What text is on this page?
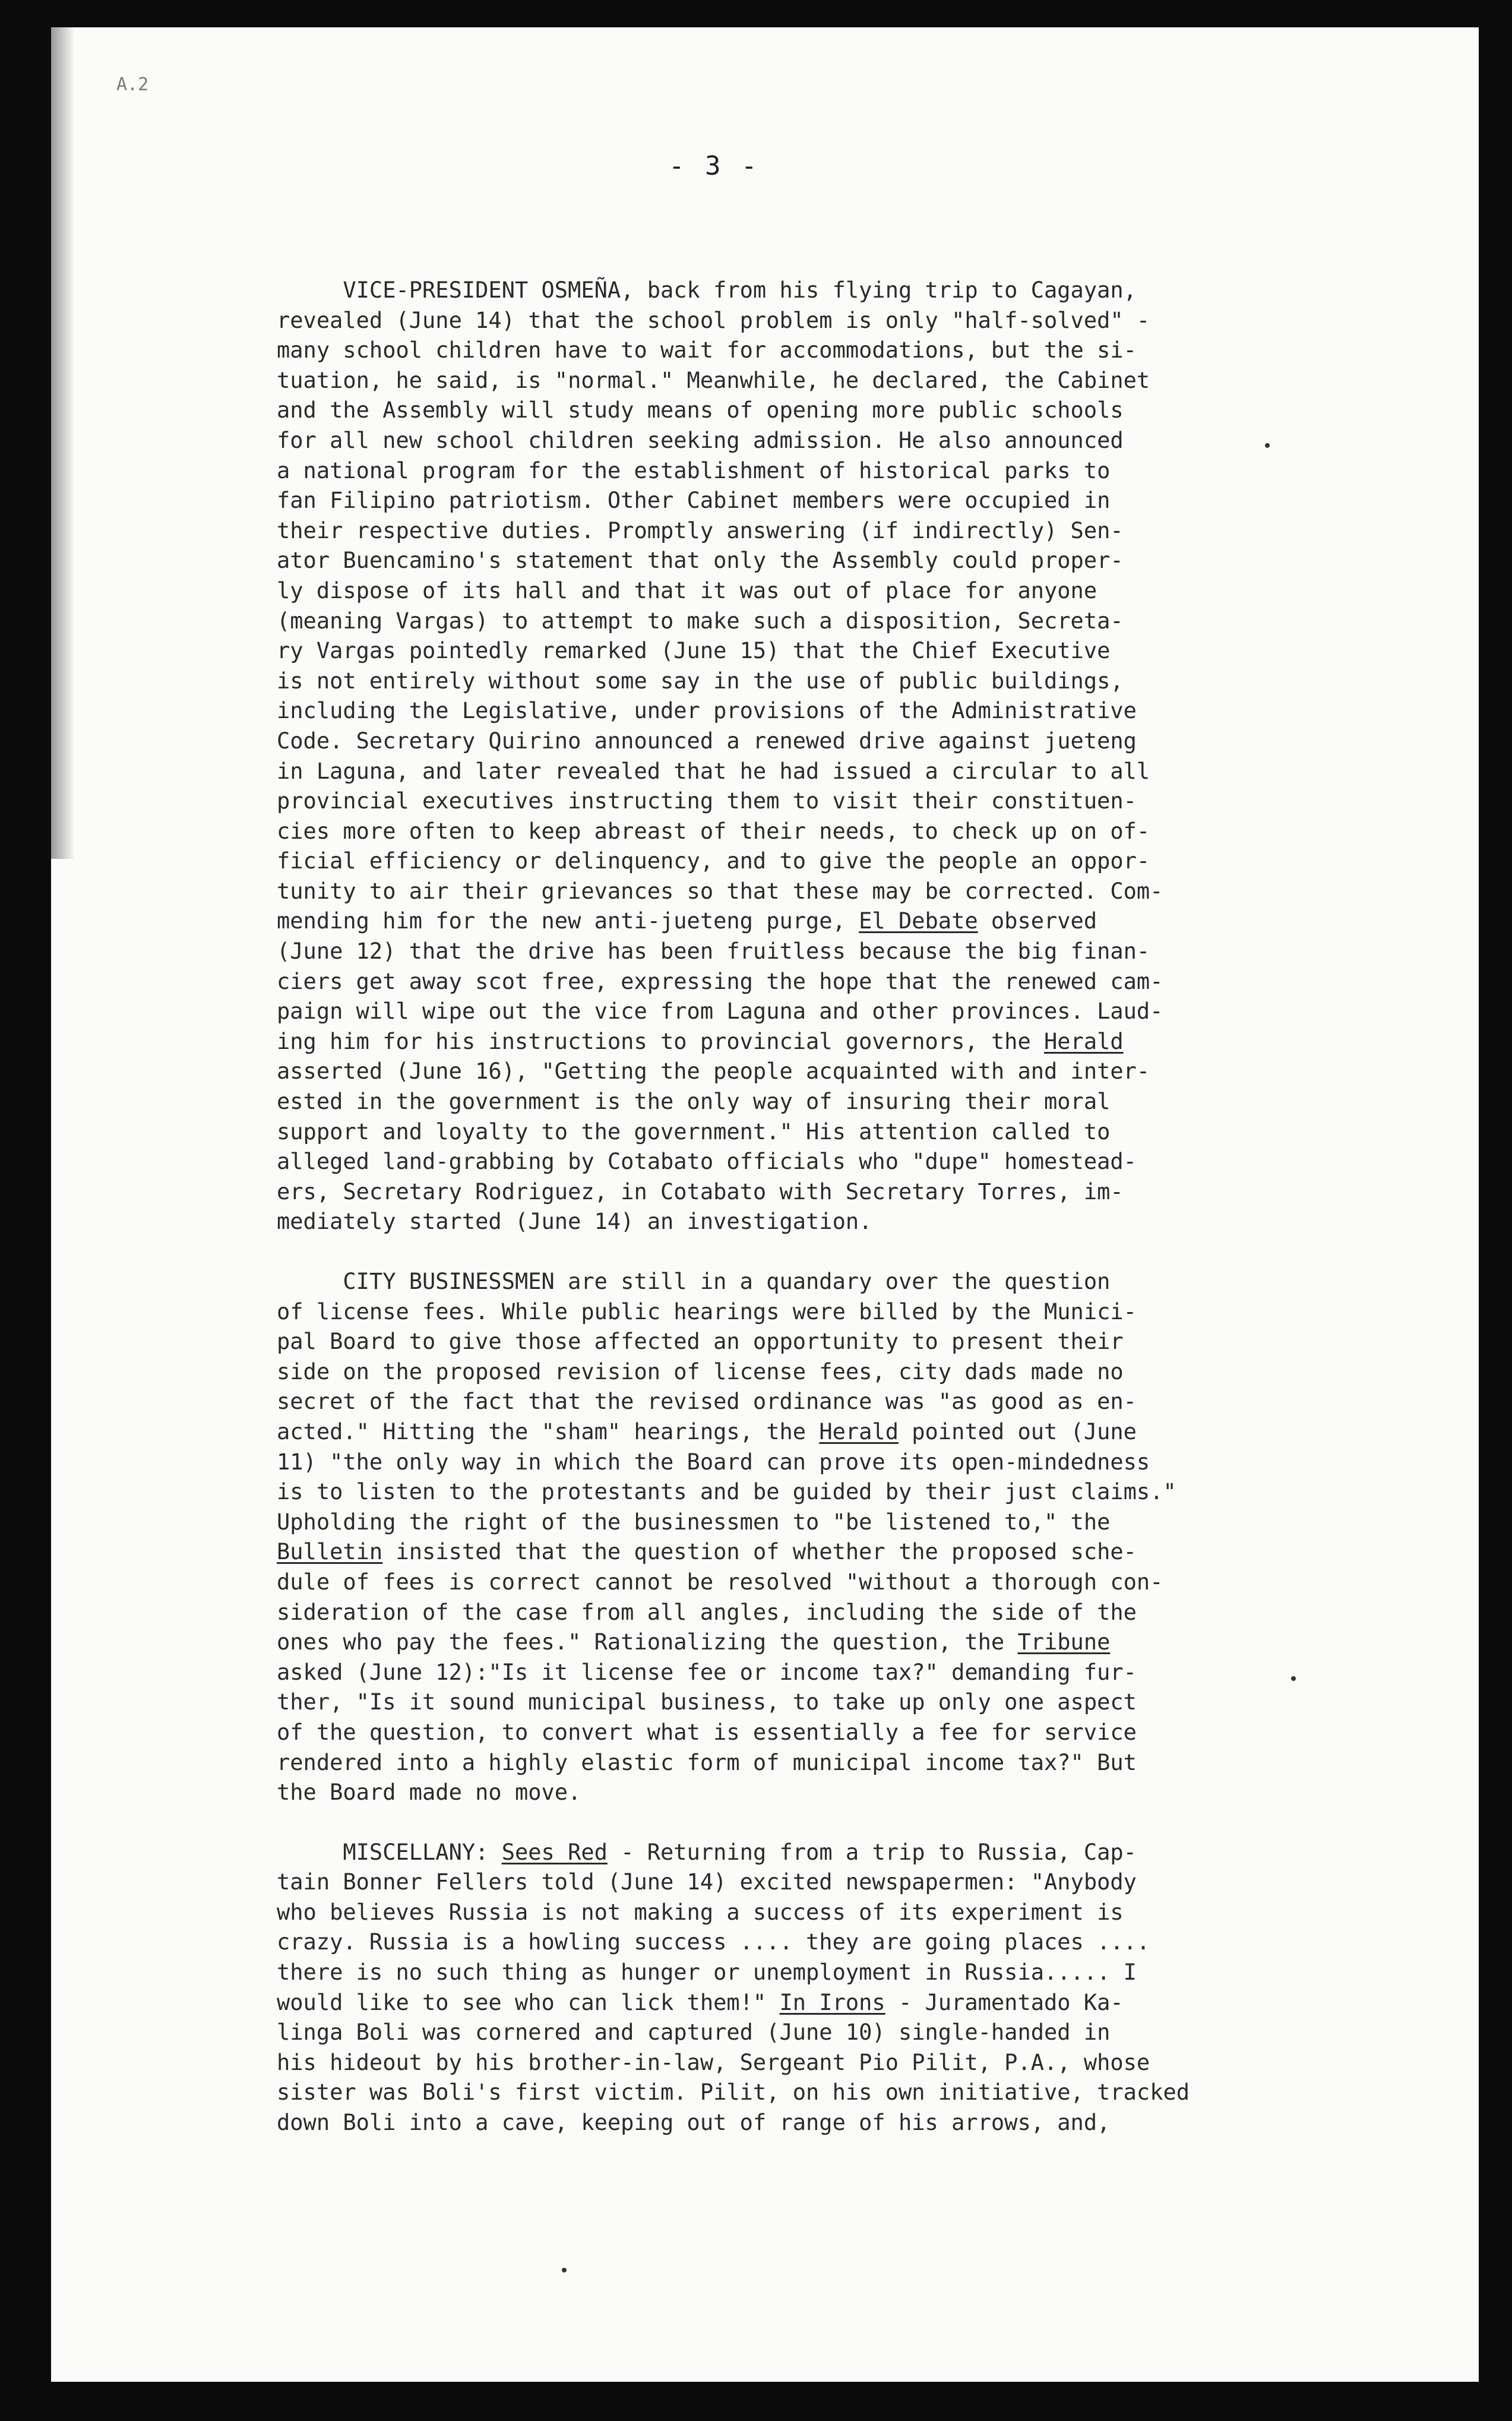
A.2
- 3 -
VICE-PRESIDENT OSMEÑA, back from his flying trip to Cagayan,
revealed (June 14) that the school problem is only "half-solved" -
many school children have to wait for accommodations, but the si-
tuation, he said, is "normal." Meanwhile, he declared, the Cabinet
and the Assembly will study means of opening more public schools
for all new school children seeking admission. He also announced
a national program for the establishment of historical parks to
fan Filipino patriotism. Other Cabinet members were occupied in
their respective duties. Promptly answering (if indirectly) Sen-
ator Buencamino's statement that only the Assembly could proper-
ly dispose of its hall and that it was out of place for anyone
(meaning Vargas) to attempt to make such a disposition, Secreta-
ry Vargas pointedly remarked (June 15) that the Chief Executive
is not entirely without some say in the use of public buildings,
including the Legislative, under provisions of the Administrative
Code. Secretary Quirino announced a renewed drive against jueteng
in Laguna, and later revealed that he had issued a circular to all
provincial executives instructing them to visit their constituen-
cies more often to keep abreast of their needs, to check up on of-
ficial efficiency or delinquency, and to give the people an oppor-
tunity to air their grievances so that these may be corrected. Com-
mending him for the new anti-jueteng purge, El Debate observed
(June 12) that the drive has been fruitless because the big finan-
ciers get away scot free, expressing the hope that the renewed cam-
paign will wipe out the vice from Laguna and other provinces. Laud-
ing him for his instructions to provincial governors, the Herald
asserted (June 16), "Getting the people acquainted with and inter-
ested in the government is the only way of insuring their moral
support and loyalty to the government." His attention called to
alleged land-grabbing by Cotabato officials who "dupe" homestead-
ers, Secretary Rodriguez, in Cotabato with Secretary Torres, im-
mediately started (June 14) an investigation.
CITY BUSINESSMEN are still in a quandary over the question
of license fees. While public hearings were billed by the Munici-
pal Board to give those affected an opportunity to present their
side on the proposed revision of license fees, city dads made no
secret of the fact that the revised ordinance was "as good as en-
acted." Hitting the "sham" hearings, the Herald pointed out (June
11) "the only way in which the Board can prove its open-mindedness
is to listen to the protestants and be guided by their just claims."
Upholding the right of the businessmen to "be listened to," the
Bulletin insisted that the question of whether the proposed sche-
dule of fees is correct cannot be resolved "without a thorough con-
sideration of the case from all angles, including the side of the
ones who pay the fees." Rationalizing the question, the Tribune
asked (June 12):"Is it license fee or income tax?" demanding fur-
ther, "Is it sound municipal business, to take up only one aspect
of the question, to convert what is essentially a fee for service
rendered into a highly elastic form of municipal income tax?" But
the Board made no move.
MISCELLANY: Sees Red - Returning from a trip to Russia, Cap-
tain Bonner Fellers told (June 14) excited newspapermen: "Anybody
who believes Russia is not making a success of its experiment is
crazy. Russia is a howling success .... they are going places ....
there is no such thing as hunger or unemployment in Russia..... I
would like to see who can lick them!" In Irons - Juramentado Ka-
linga Boli was cornered and captured (June 10) single-handed in
his hideout by his brother-in-law, Sergeant Pio Pilit, P.A., whose
sister was Boli's first victim. Pilit, on his own initiative, tracked
down Boli into a cave, keeping out of range of his arrows, and,
